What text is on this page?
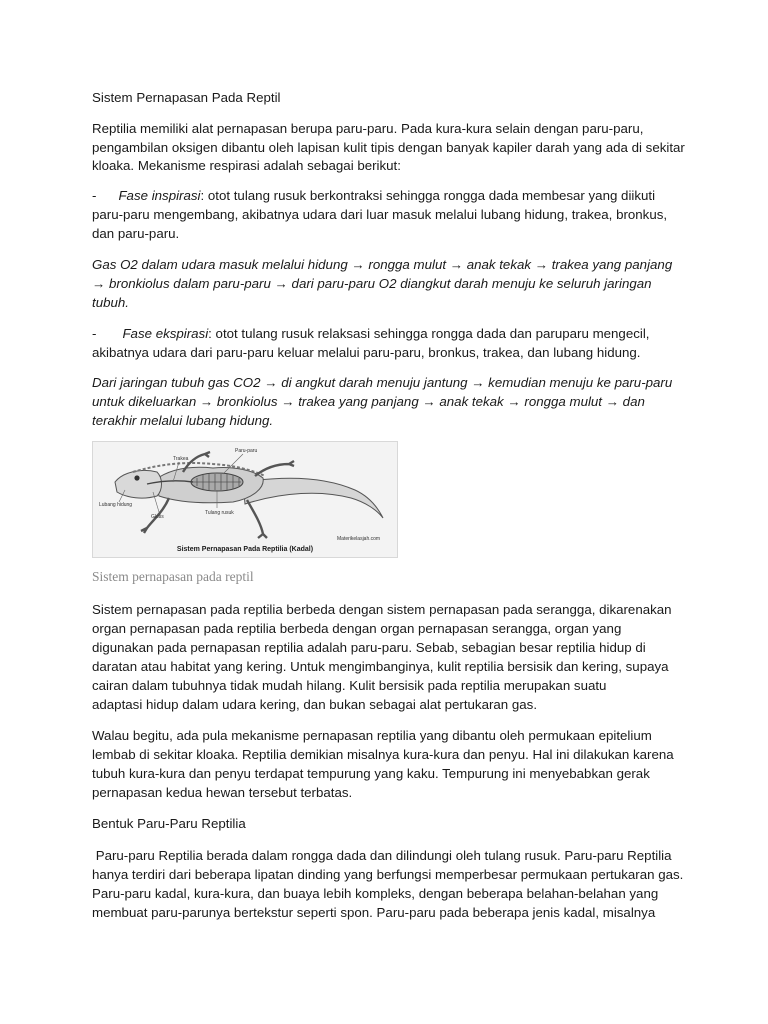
Sistem Pernapasan Pada Reptil
Reptilia memiliki alat pernapasan berupa paru-paru. Pada kura-kura selain dengan paru-paru,
pengambilan oksigen dibantu oleh lapisan kulit tipis dengan banyak kapiler darah yang ada di sekitar
kloaka. Mekanisme respirasi adalah sebagai berikut:
- Fase inspirasi: otot tulang rusuk berkontraksi sehingga rongga dada membesar yang diikuti
paru-paru mengembang, akibatnya udara dari luar masuk melalui lubang hidung, trakea, bronkus,
dan paru-paru.
Gas O2 dalam udara masuk melalui hidung → rongga mulut → anak tekak → trakea yang panjang
→ bronkiolus dalam paru-paru → dari paru-paru O2 diangkut darah menuju ke seluruh jaringan
tubuh.
- Fase ekspirasi: otot tulang rusuk relaksasi sehingga rongga dada dan paruparu mengecil,
akibatnya udara dari paru-paru keluar melalui paru-paru, bronkus, trakea, dan lubang hidung.
Dari jaringan tubuh gas CO2 → di angkut darah menuju jantung → kemudian menuju ke paru-paru
untuk dikeluarkan → bronkiolus → trakea yang panjang → anak tekak → rongga mulut → dan
terakhir melalui lubang hidung.
Trakea
Paru-paru
Lubang hidung
Glotis
Tulang rusuk
Materikelasjah.com
Sistem Pernapasan Pada Reptilia (Kadal)
Sistem pernapasan pada reptil
Sistem pernapasan pada reptilia berbeda dengan sistem pernapasan pada serangga, dikarenakan
organ pernapasan pada reptilia berbeda dengan organ pernapasan serangga, organ yang
digunakan pada pernapasan reptilia adalah paru-paru. Sebab, sebagian besar reptilia hidup di
daratan atau habitat yang kering. Untuk mengimbanginya, kulit reptilia bersisik dan kering, supaya
cairan dalam tubuhnya tidak mudah hilang. Kulit bersisik pada reptilia merupakan suatu
adaptasi hidup dalam udara kering, dan bukan sebagai alat pertukaran gas.
Walau begitu, ada pula mekanisme pernapasan reptilia yang dibantu oleh permukaan epitelium
lembab di sekitar kloaka. Reptilia demikian misalnya kura-kura dan penyu. Hal ini dilakukan karena
tubuh kura-kura dan penyu terdapat tempurung yang kaku. Tempurung ini menyebabkan gerak
pernapasan kedua hewan tersebut terbatas.
Bentuk Paru-Paru Reptilia
Paru-paru Reptilia berada dalam rongga dada dan dilindungi oleh tulang rusuk. Paru-paru Reptilia
hanya terdiri dari beberapa lipatan dinding yang berfungsi memperbesar permukaan pertukaran gas.
Paru-paru kadal, kura-kura, dan buaya lebih kompleks, dengan beberapa belahan-belahan yang
membuat paru-parunya bertekstur seperti spon. Paru-paru pada beberapa jenis kadal, misalnya
